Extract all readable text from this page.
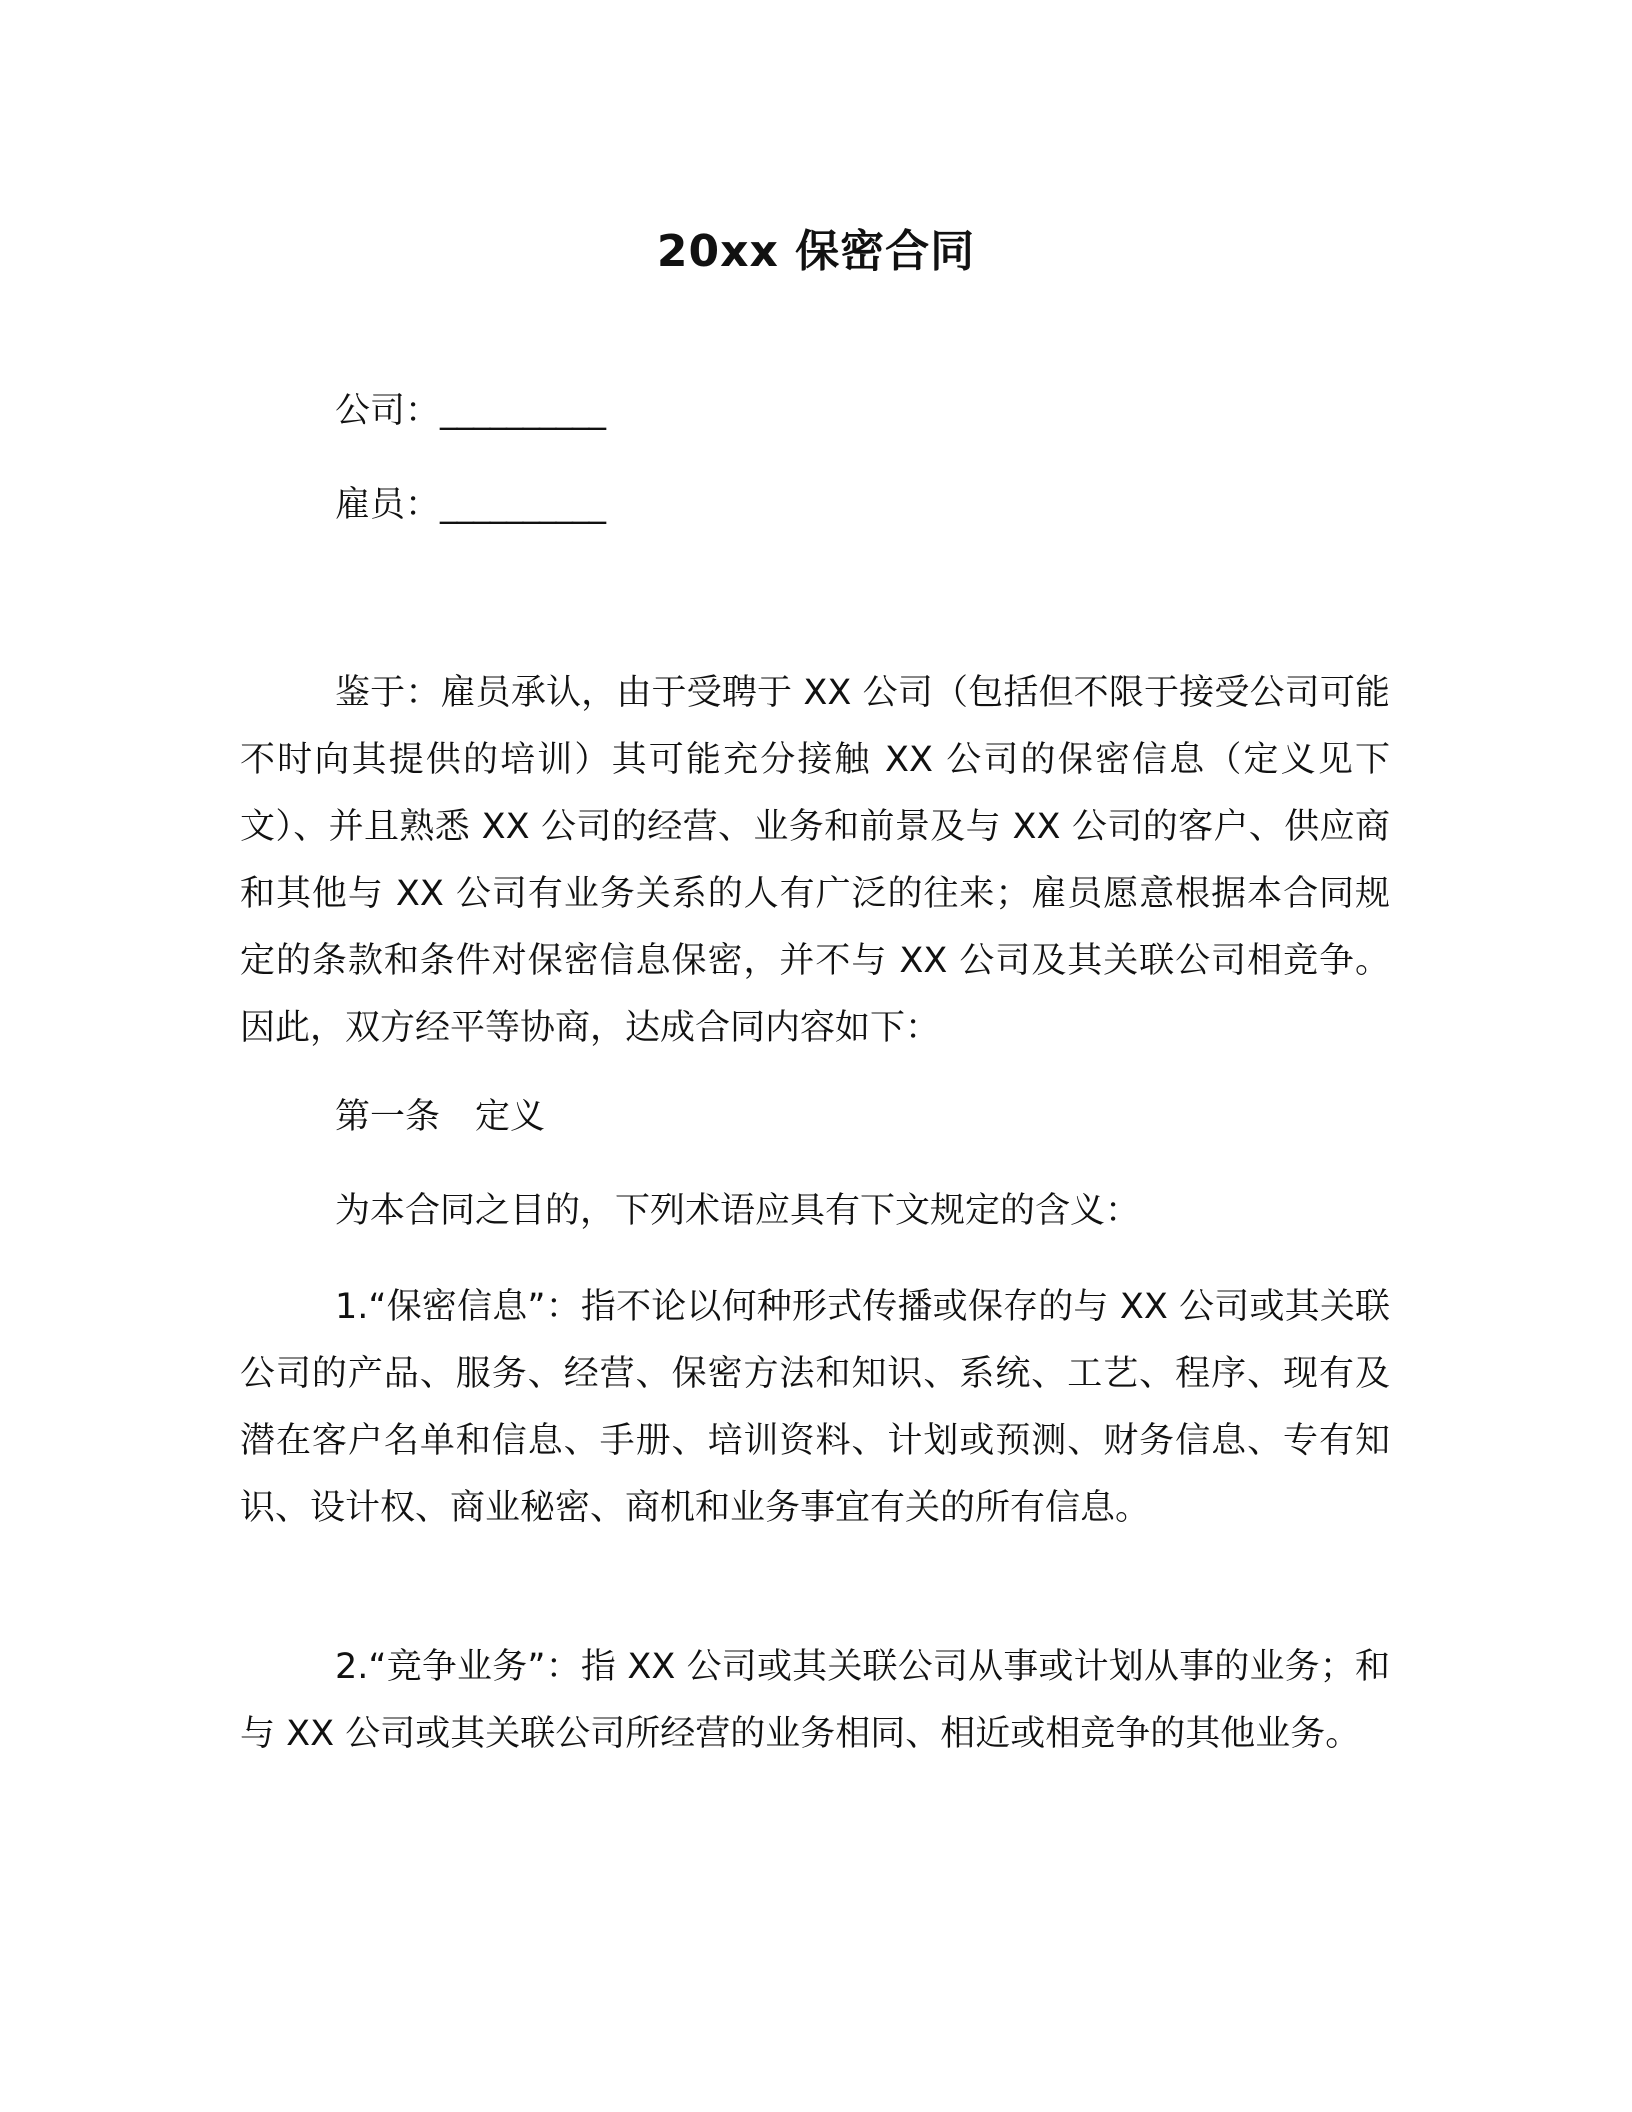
20xx 保密合同
公司：__________
雇员：__________
鉴于：雇员承认，由于受聘于 XX 公司（包括但不限于接受公司可能不时向其提供的培训）其可能充分接触 XX 公司的保密信息（定义见下文）、并且熟悉 XX 公司的经营、业务和前景及与 XX 公司的客户、供应商和其他与 XX 公司有业务关系的人有广泛的往来；雇员愿意根据本合同规定的条款和条件对保密信息保密，并不与 XX 公司及其关联公司相竞争。因此，双方经平等协商，达成合同内容如下：
第一条　定义
为本合同之目的，下列术语应具有下文规定的含义：
1.“保密信息”：指不论以何种形式传播或保存的与 XX 公司或其关联公司的产品、服务、经营、保密方法和知识、系统、工艺、程序、现有及潜在客户名单和信息、手册、培训资料、计划或预测、财务信息、专有知识、设计权、商业秘密、商机和业务事宜有关的所有信息。
2.“竞争业务”：指 XX 公司或其关联公司从事或计划从事的业务；和与 XX 公司或其关联公司所经营的业务相同、相近或相竞争的其他业务。
